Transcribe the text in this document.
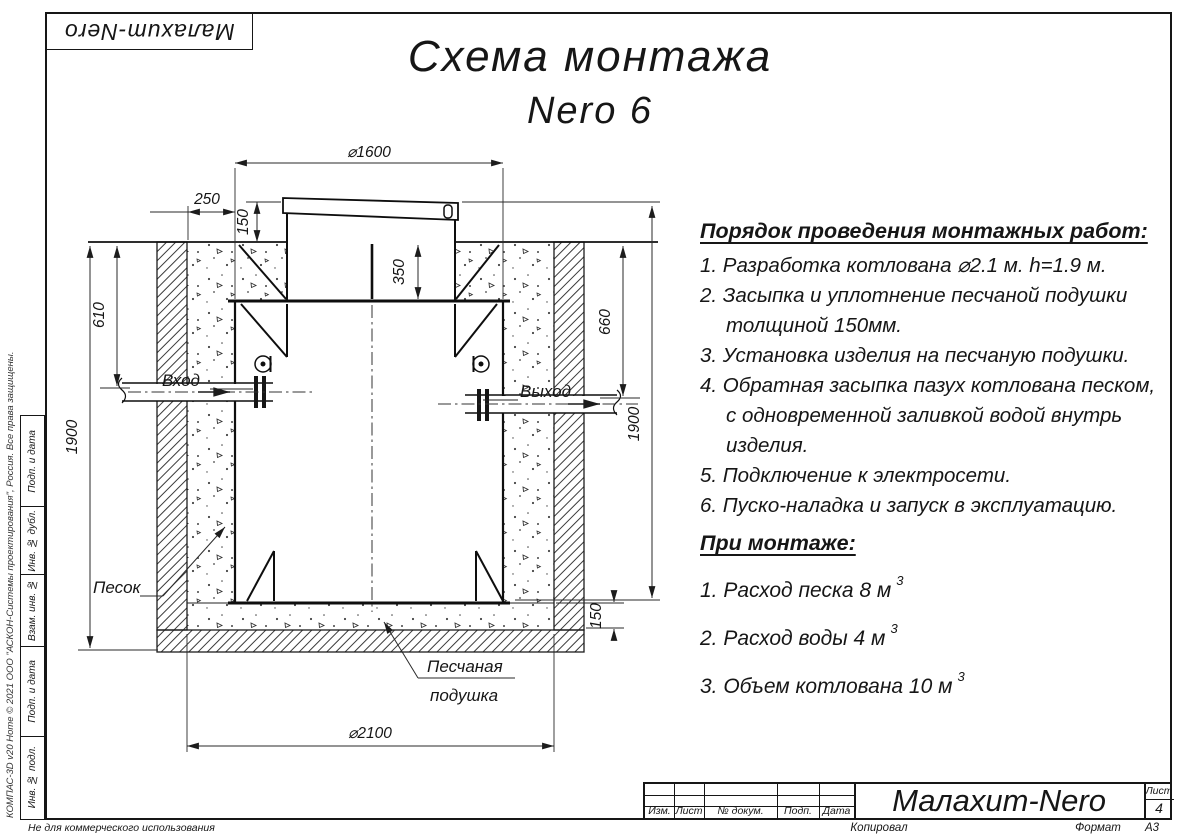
⌀1600
250
150
350
610
1900
660
1900
150
⌀2100
Вход
Выход
Песок
Песчаная
подушка
Малахит-Nero
Схема монтажа
Nero 6

Порядок проведения монтажных работ:

1. Разработка котлована ⌀2.1 м. h=1.9 м.
2. Засыпка и уплотнение песчаной подушки толщиной 150мм.
3. Установка изделия на песчаную подушки.
4. Обратная засыпка пазух котлована песком, с одновременной заливкой водой внутрь изделия.
5. Подключение к электросети.
6. Пуско-наладка и запуск в эксплуатацию.

При монтаже:

1. Расход песка 8 м $^3$
2. Расход воды 4 м $^3$
3. Объем котлована 10 м $^3$
Изм. Лист	№ докум.	Подп.	Дата	Малахит-Nero	Лист
4
Копировал	Формат	А3
Подп. и дата
Инв. № дубл.
Взам. инв. №
Подп. и дата
Инв. № подл.
КОМПАС-3D v20 Home © 2021 ООО "АСКОН-Системы проектирования", Россия. Все права защищены.
Не для коммерческого использования
